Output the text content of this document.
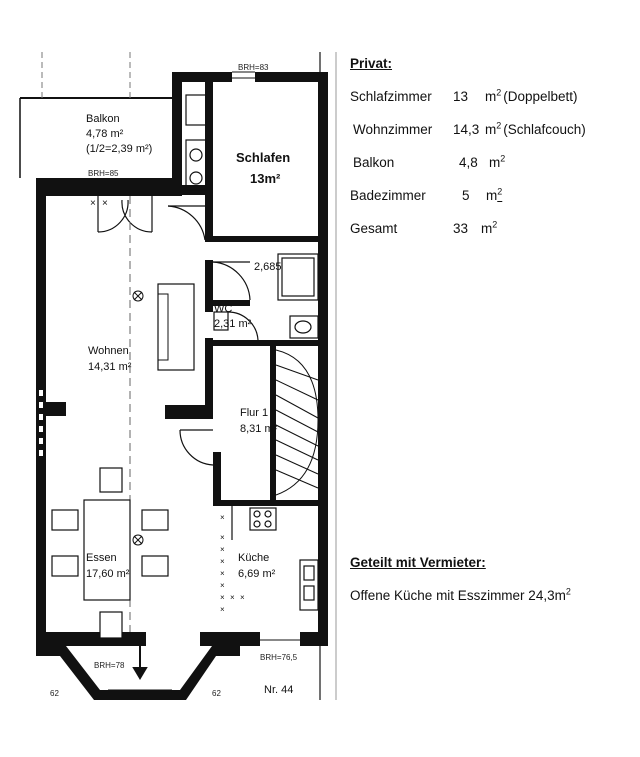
×
×
×
×
×
×
× × ×
×
Balkon
4,78 m²
(1/2=2,39 m²)
Schlafen
13m²
Wohnen
14,31 m²
WC
2,31 m²
2,685
Flur 1
8,31 m²
Essen
17,60 m²
Küche
6,69 m²
BRH=83
BRH=85
BRH=78
BRH=76,5
62	62	Nr. 44
× ×
Privat:
Schlafzimmer 13 $m^2$ (Doppelbett)
Wohnzimmer 14,3 $m^2$ (Schlafcouch)
Balkon	4,8 $m^2$
Badezimmer	5 $m^2$
Gesamt	33 $m^2$
Geteilt mit Vermieter:
Offene Küche mit Esszimmer $24,3m^2$
